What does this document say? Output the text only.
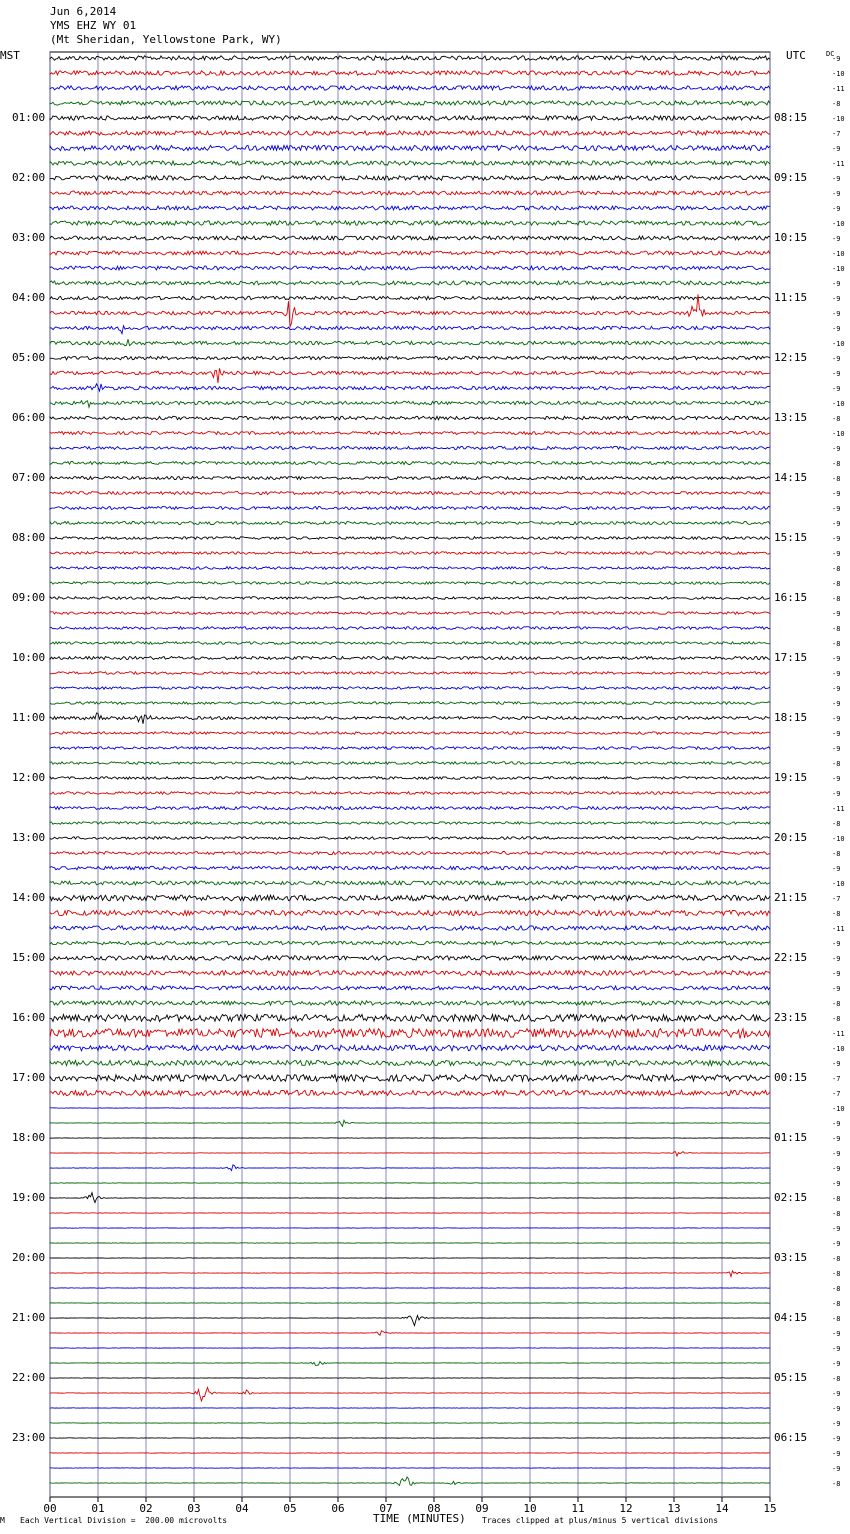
00	01	02	03	04	05	06	07	08	09	10	11	12	13	14	15
-9
-10
-11
-8
-10
-7
-9
-11
-9
-9
-9
-10
-9
-10
-10
-9
-9
-9
-9
-10
-9
-9
-9
-10
-8
-10
-9
-8
-8
-9
-9
-9
-9
-9
-8
-8
-8
-9
-8
-8
-9
-9
-9
-9
-9
-9
-9
-8
-9
-9
-11
-8
-10
-8
-9
-10
-7
-8
-11
-9
-9
-9
-9
-8
-8
-11
-10
-9
-7
-7
-10
-9
-9
-9
-9
-9
-8
-8
-9
-9
-8
-8
-8
-8
-8
-9
-9
-9
-8
-9
-9
-9
-9
-9
-9
-8
Jun 6,2014
YMS EHZ WY 01
(Mt Sheridan, Yellowstone Park, WY)
MST	UTC	DC
01:00
02:00
03:00
04:00
05:00
06:00
07:00
08:00
09:00
10:00
11:00
12:00
13:00
14:00
15:00
16:00
17:00
18:00
19:00
20:00
21:00
22:00
23:00
08:15
09:15
10:15
11:15
12:15
13:15
14:15
15:15
16:15
17:15
18:15
19:15
20:15
21:15
22:15
23:15
00:15
01:15
02:15
03:15
04:15
05:15
06:15
M Each Vertical Division =  200.00 microvolts	TIME (MINUTES) Traces clipped at plus/minus 5 vertical divisions
